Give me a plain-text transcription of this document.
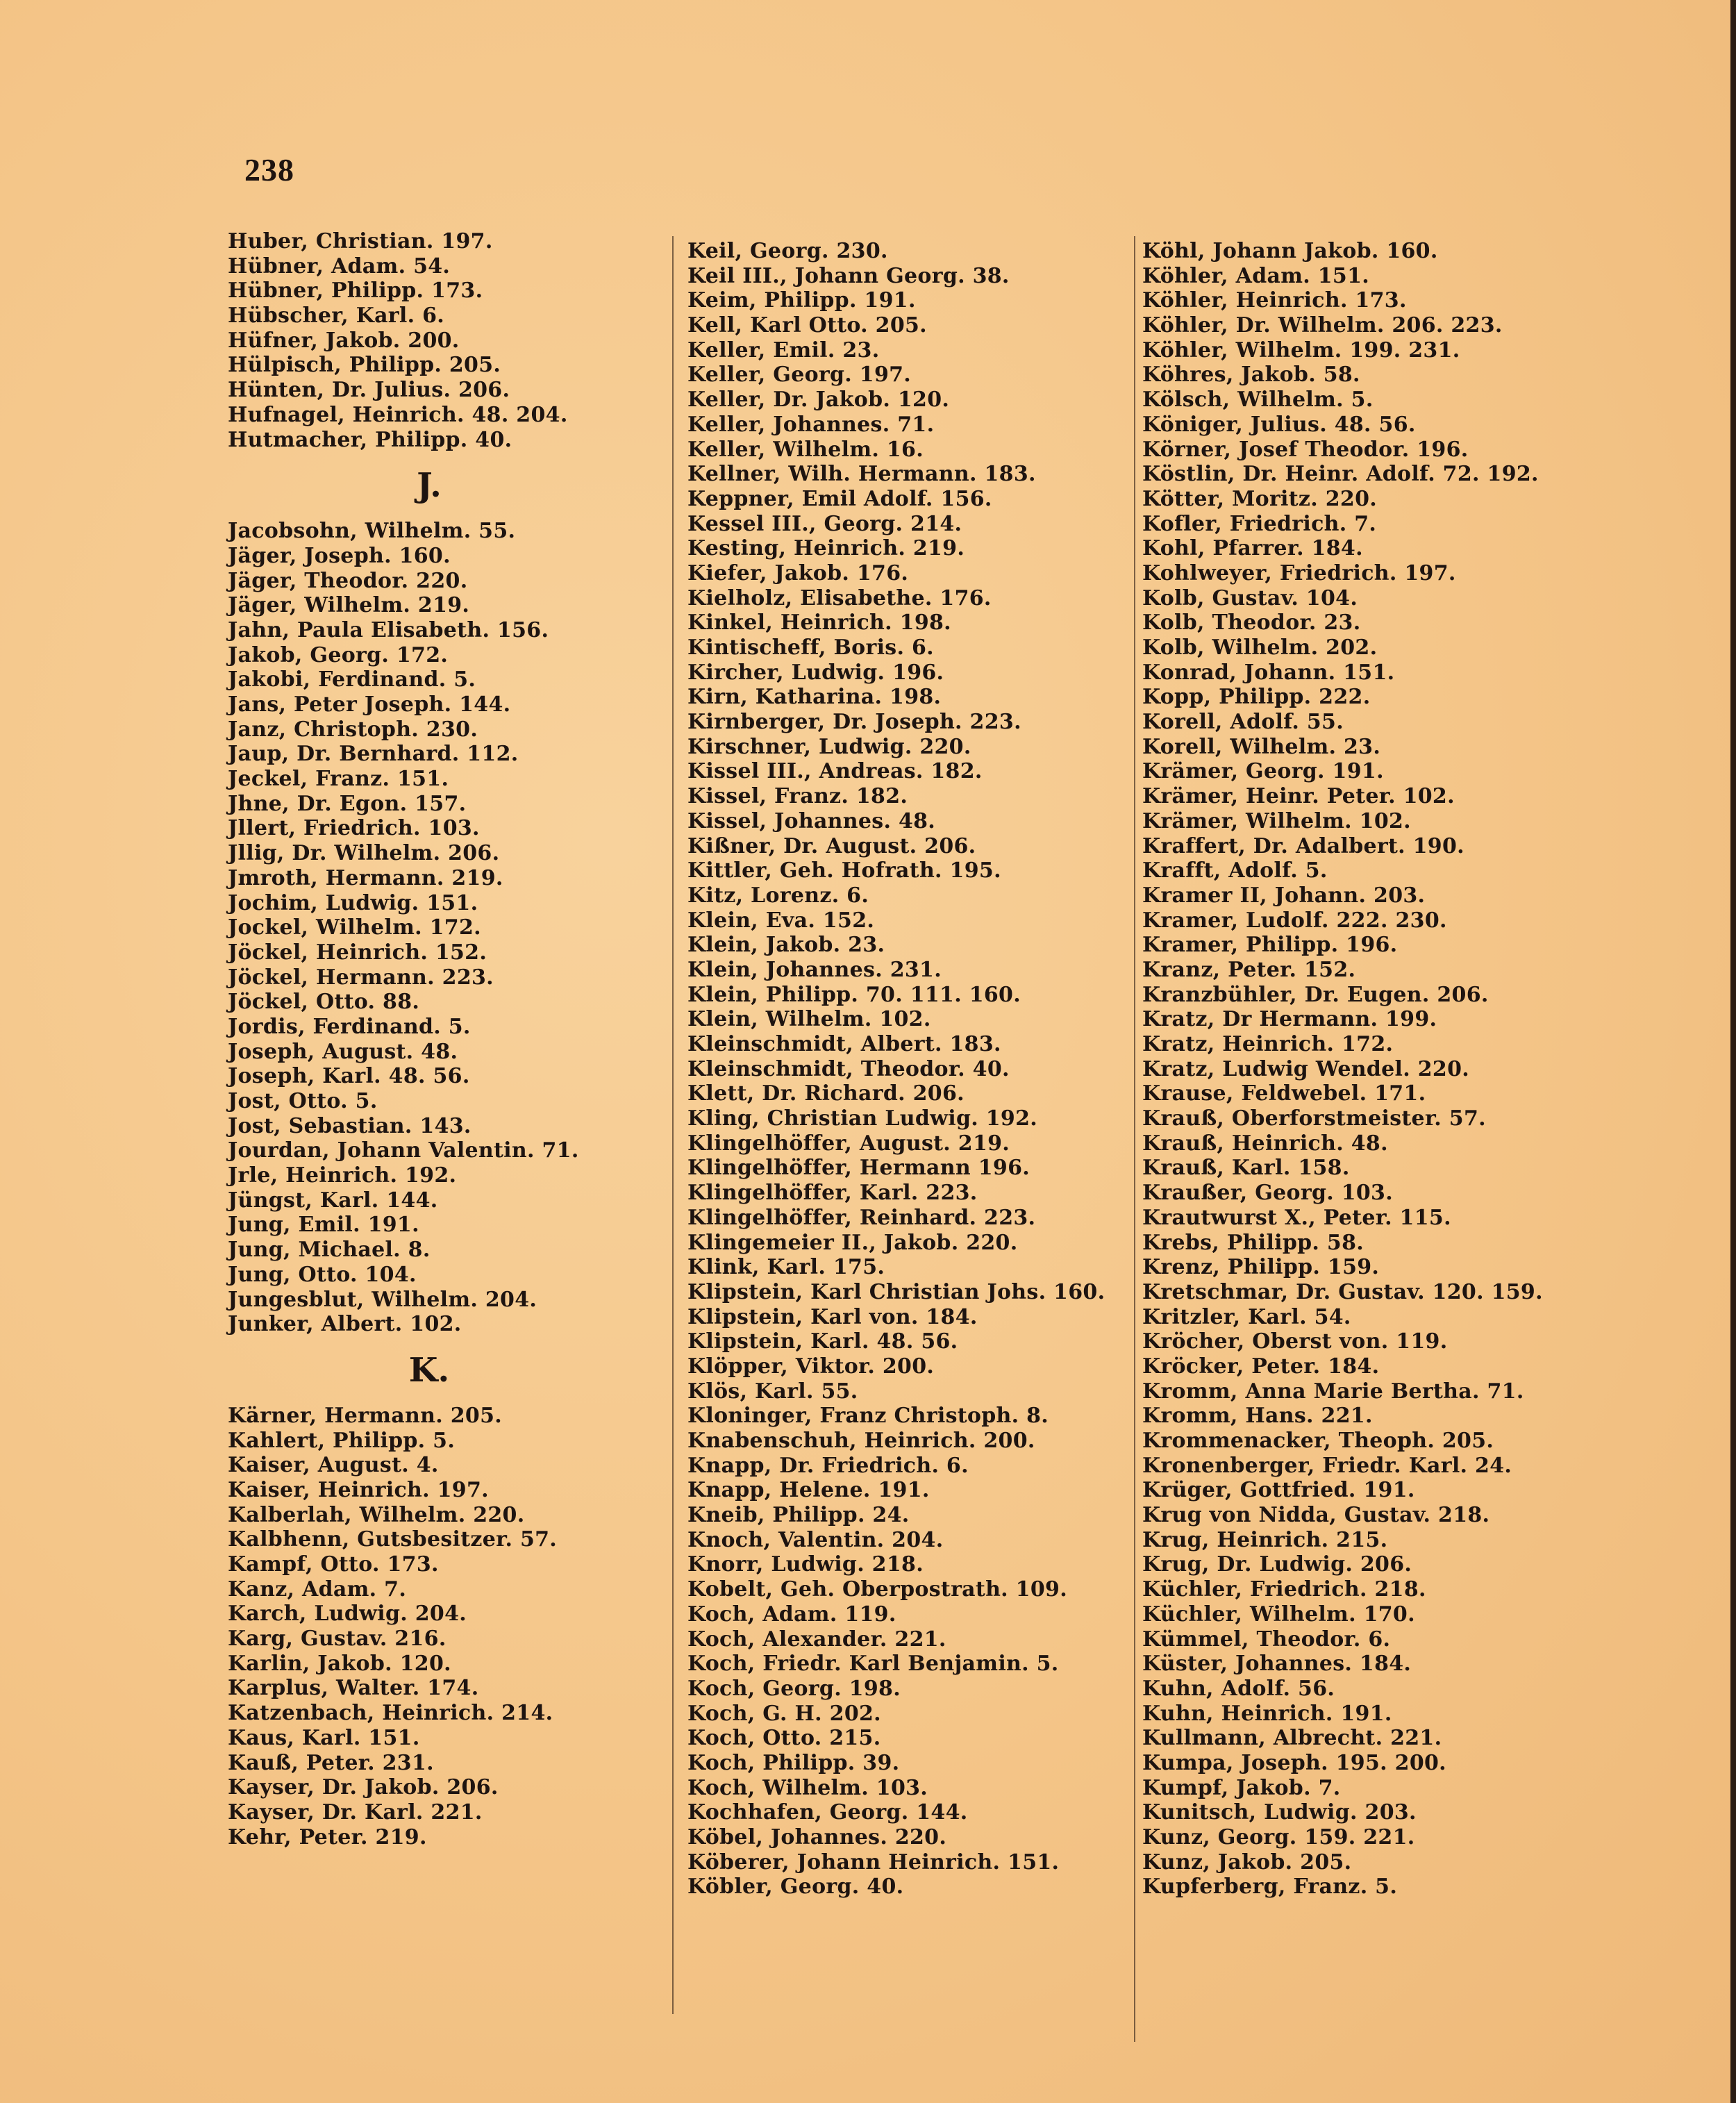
238
Huber, Christian. 197.
Hübner, Adam. 54.
Hübner, Philipp. 173.
Hübscher, Karl. 6.
Hüfner, Jakob. 200.
Hülpisch, Philipp. 205.
Hünten, Dr. Julius. 206.
Hufnagel, Heinrich. 48. 204.
Hutmacher, Philipp. 40.
J.
Jacobsohn, Wilhelm. 55.
Jäger, Joseph. 160.
Jäger, Theodor. 220.
Jäger, Wilhelm. 219.
Jahn, Paula Elisabeth. 156.
Jakob, Georg. 172.
Jakobi, Ferdinand. 5.
Jans, Peter Joseph. 144.
Janz, Christoph. 230.
Jaup, Dr. Bernhard. 112.
Jeckel, Franz. 151.
Jhne, Dr. Egon. 157.
Jllert, Friedrich. 103.
Jllig, Dr. Wilhelm. 206.
Jmroth, Hermann. 219.
Jochim, Ludwig. 151.
Jockel, Wilhelm. 172.
Jöckel, Heinrich. 152.
Jöckel, Hermann. 223.
Jöckel, Otto. 88.
Jordis, Ferdinand. 5.
Joseph, August. 48.
Joseph, Karl. 48. 56.
Jost, Otto. 5.
Jost, Sebastian. 143.
Jourdan, Johann Valentin. 71.
Jrle, Heinrich. 192.
Jüngst, Karl. 144.
Jung, Emil. 191.
Jung, Michael. 8.
Jung, Otto. 104.
Jungesblut, Wilhelm. 204.
Junker, Albert. 102.
K.
Kärner, Hermann. 205.
Kahlert, Philipp. 5.
Kaiser, August. 4.
Kaiser, Heinrich. 197.
Kalberlah, Wilhelm. 220.
Kalbhenn, Gutsbesitzer. 57.
Kampf, Otto. 173.
Kanz, Adam. 7.
Karch, Ludwig. 204.
Karg, Gustav. 216.
Karlin, Jakob. 120.
Karplus, Walter. 174.
Katzenbach, Heinrich. 214.
Kaus, Karl. 151.
Kauß, Peter. 231.
Kayser, Dr. Jakob. 206.
Kayser, Dr. Karl. 221.
Kehr, Peter. 219.
Keil, Georg. 230.
Keil III., Johann Georg. 38.
Keim, Philipp. 191.
Kell, Karl Otto. 205.
Keller, Emil. 23.
Keller, Georg. 197.
Keller, Dr. Jakob. 120.
Keller, Johannes. 71.
Keller, Wilhelm. 16.
Kellner, Wilh. Hermann. 183.
Keppner, Emil Adolf. 156.
Kessel III., Georg. 214.
Kesting, Heinrich. 219.
Kiefer, Jakob. 176.
Kielholz, Elisabethe. 176.
Kinkel, Heinrich. 198.
Kintischeff, Boris. 6.
Kircher, Ludwig. 196.
Kirn, Katharina. 198.
Kirnberger, Dr. Joseph. 223.
Kirschner, Ludwig. 220.
Kissel III., Andreas. 182.
Kissel, Franz. 182.
Kissel, Johannes. 48.
Kißner, Dr. August. 206.
Kittler, Geh. Hofrath. 195.
Kitz, Lorenz. 6.
Klein, Eva. 152.
Klein, Jakob. 23.
Klein, Johannes. 231.
Klein, Philipp. 70. 111. 160.
Klein, Wilhelm. 102.
Kleinschmidt, Albert. 183.
Kleinschmidt, Theodor. 40.
Klett, Dr. Richard. 206.
Kling, Christian Ludwig. 192.
Klingelhöffer, August. 219.
Klingelhöffer, Hermann 196.
Klingelhöffer, Karl. 223.
Klingelhöffer, Reinhard. 223.
Klingemeier II., Jakob. 220.
Klink, Karl. 175.
Klipstein, Karl Christian Johs. 160.
Klipstein, Karl von. 184.
Klipstein, Karl. 48. 56.
Klöpper, Viktor. 200.
Klös, Karl. 55.
Kloninger, Franz Christoph. 8.
Knabenschuh, Heinrich. 200.
Knapp, Dr. Friedrich. 6.
Knapp, Helene. 191.
Kneib, Philipp. 24.
Knoch, Valentin. 204.
Knorr, Ludwig. 218.
Kobelt, Geh. Oberpostrath. 109.
Koch, Adam. 119.
Koch, Alexander. 221.
Koch, Friedr. Karl Benjamin. 5.
Koch, Georg. 198.
Koch, G. H. 202.
Koch, Otto. 215.
Koch, Philipp. 39.
Koch, Wilhelm. 103.
Kochhafen, Georg. 144.
Köbel, Johannes. 220.
Köberer, Johann Heinrich. 151.
Köbler, Georg. 40.
Köhl, Johann Jakob. 160.
Köhler, Adam. 151.
Köhler, Heinrich. 173.
Köhler, Dr. Wilhelm. 206. 223.
Köhler, Wilhelm. 199. 231.
Köhres, Jakob. 58.
Kölsch, Wilhelm. 5.
Königer, Julius. 48. 56.
Körner, Josef Theodor. 196.
Köstlin, Dr. Heinr. Adolf. 72. 192.
Kötter, Moritz. 220.
Kofler, Friedrich. 7.
Kohl, Pfarrer. 184.
Kohlweyer, Friedrich. 197.
Kolb, Gustav. 104.
Kolb, Theodor. 23.
Kolb, Wilhelm. 202.
Konrad, Johann. 151.
Kopp, Philipp. 222.
Korell, Adolf. 55.
Korell, Wilhelm. 23.
Krämer, Georg. 191.
Krämer, Heinr. Peter. 102.
Krämer, Wilhelm. 102.
Kraffert, Dr. Adalbert. 190.
Krafft, Adolf. 5.
Kramer II, Johann. 203.
Kramer, Ludolf. 222. 230.
Kramer, Philipp. 196.
Kranz, Peter. 152.
Kranzbühler, Dr. Eugen. 206.
Kratz, Dr Hermann. 199.
Kratz, Heinrich. 172.
Kratz, Ludwig Wendel. 220.
Krause, Feldwebel. 171.
Krauß, Oberforstmeister. 57.
Krauß, Heinrich. 48.
Krauß, Karl. 158.
Kraußer, Georg. 103.
Krautwurst X., Peter. 115.
Krebs, Philipp. 58.
Krenz, Philipp. 159.
Kretschmar, Dr. Gustav. 120. 159.
Kritzler, Karl. 54.
Kröcher, Oberst von. 119.
Kröcker, Peter. 184.
Kromm, Anna Marie Bertha. 71.
Kromm, Hans. 221.
Krommenacker, Theoph. 205.
Kronenberger, Friedr. Karl. 24.
Krüger, Gottfried. 191.
Krug von Nidda, Gustav. 218.
Krug, Heinrich. 215.
Krug, Dr. Ludwig. 206.
Küchler, Friedrich. 218.
Küchler, Wilhelm. 170.
Kümmel, Theodor. 6.
Küster, Johannes. 184.
Kuhn, Adolf. 56.
Kuhn, Heinrich. 191.
Kullmann, Albrecht. 221.
Kumpa, Joseph. 195. 200.
Kumpf, Jakob. 7.
Kunitsch, Ludwig. 203.
Kunz, Georg. 159. 221.
Kunz, Jakob. 205.
Kupferberg, Franz. 5.
